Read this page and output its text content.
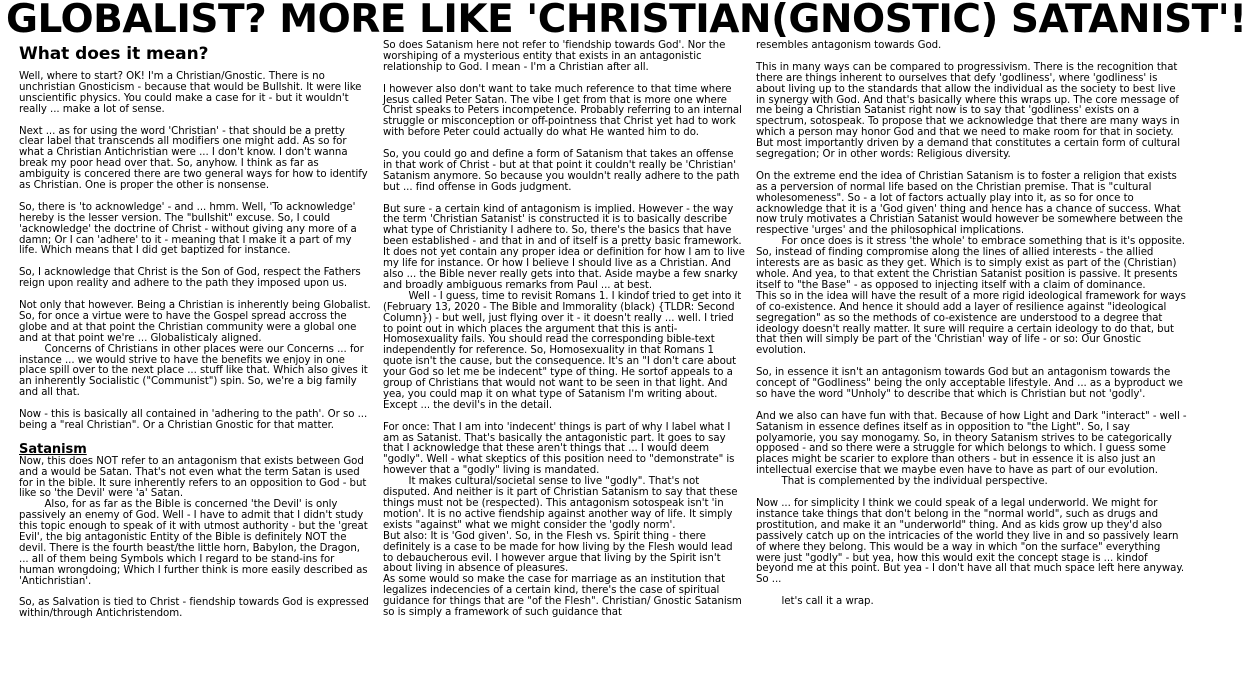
GLOBALIST? MORE LIKE 'CHRISTIAN(GNOSTIC) SATANIST'!
What does it mean?

Well, where to start? OK! I'm a Christian/Gnostic. There is no unchristian Gnosticism - because that would be Bullshit. It were like unscientific physics. You could make a case for it - but it wouldn't really ... make a lot of sense.

Next ... as for using the word 'Christian' - that should be a pretty clear label that transcends all modifiers one might add. As so for what a Christian Antichristian were ... I don't know. I don't wanna break my poor head over that. So, anyhow. I think as far as ambiguity is concered there are two general ways for how to identify as Christian. One is proper the other is nonsense.

So, there is 'to acknowledge' - and ... hmm. Well, 'To acknowledge' hereby is the lesser version. The "bullshit" excuse. So, I could 'acknowledge' the doctrine of Christ - without giving any more of a damn; Or I can 'adhere' to it - meaning that I make it a part of my life. Which means that I did get baptized for instance.

So, I acknowledge that Christ is the Son of God, respect the Fathers reign upon reality and adhere to the path they imposed upon us.

Not only that however. Being a Christian is inherently being Globalist. So, for once a virtue were to have the Gospel spread accross the globe and at that point the Christian community were a global one and at that point we're ... Globalisticaly aligned.

Concerns of Christians in other places were our Concerns ... for instance ... we would strive to have the benefits we enjoy in one place spill over to the next place ... stuff like that. Which also gives it an inherently Socialistic ("Communist") spin. So, we're a big family and all that.

Now - this is basically all contained in 'adhering to the path'. Or so ... being a "real Christian". Or a Christian Gnostic for that matter.

Satanism

Now, this does NOT refer to an antagonism that exists between God and a would be Satan. That's not even what the term Satan is used for in the bible. It sure inherently refers to an opposition to God - but like so 'the Devil' were 'a' Satan.

Also, for as far as the Bible is concerned 'the Devil' is only passively an enemy of God. Well - I have to admit that I didn't study this topic enough to speak of it with utmost authority - but the 'great Evil', the big antagonistic Entity of the Bible is definitely NOT the devil. There is the fourth beast/the little horn, Babylon, the Dragon, ... all of them being Symbols which I regard to be stand-ins for human wrongdoing; Which I further think is more easily described as 'Antichristian'.

So, as Salvation is tied to Christ - fiendship towards God is expressed within/through Antichristendom.

So does Satanism here not refer to 'fiendship towards God'. Nor the worshiping of a mysterious entity that exists in an antagonistic relationship to God. I mean - I'm a Christian after all.

I however also don't want to take much reference to that time where Jesus called Peter Satan. The vibe I get from that is more one where Christ speaks to Peters incompetence. Probably referring to an internal struggle or misconception or off-pointness that Christ yet had to work with before Peter could actually do what He wanted him to do.

So, you could go and define a form of Satanism that takes an offense in that work of Christ - but at that point it couldn't really be 'Christian' Satanism anymore. So because you wouldn't really adhere to the path but ... find offense in Gods judgment.

But sure - a certain kind of antagonism is implied. However - the way the term 'Christian Satanist' is constructed it is to basically describe what type of Christianity I adhere to. So, there's the basics that have been established - and that in and of itself is a pretty basic framework. It does not yet contain any proper idea or definition for how I am to live my life for instance. Or how I believe I should live as a Christian. And also ... the Bible never really gets into that. Aside maybe a few snarky and broadly ambiguous remarks from Paul ... at best.

Well - I guess, time to revisit Romans 1. I kindof tried to get into it (February 13, 2020 - The Bible and Immorality (black) {TLDR: Second Column}) - but well, just flying over it - it doesn't really ... well. I tried to point out in which places the argument that this is anti-Homosexuality fails. You should read the corresponding bible-text independently for reference. So, Homosexuality in that Romans 1 quote isn't the cause, but the consequence. It's an "I don't care about your God so let me be indecent" type of thing. He sortof appeals to a group of Christians that would not want to be seen in that light. And yea, you could map it on what type of Satanism I'm writing about. Except ... the devil's in the detail.

For once: That I am into 'indecent' things is part of why I label what I am as Satanist. That's basically the antagonistic part. It goes to say that I acknowledge that these aren't things that ... I would deem "godly". Well - what skeptics of this position need to "demonstrate" is however that a "godly" living is mandated.

It makes cultural/societal sense to live "godly". That's not disputed. And neither is it part of Christian Satanism to say that these things must not be (respected). This antagonism sotospeak isn't 'in motion'. It is no active fiendship against another way of life. It simply exists "against" what we might consider the 'godly norm'.

But also: It is 'God given'. So, in the Flesh vs. Spirit thing - there definitely is a case to be made for how living by the Flesh would lead to debaucherous evil. I however argue that living by the Spirit isn't about living in absence of pleasures.

As some would so make the case for marriage as an institution that legalizes indecencies of a certain kind, there's the case of spiritual guidance for things that are "of the Flesh". Christian/ Gnostic Satanism so is simply a framework of such guidance that

resembles antagonism towards God.

This in many ways can be compared to progressivism. There is the recognition that there are things inherent to ourselves that defy 'godliness', where 'godliness' is about living up to the standards that allow the individual as the society to best live in synergy with God. And that's basically where this wraps up. The core message of me being a Christian Satanist right now is to say that 'godliness' exists on a spectrum, sotospeak. To propose that we acknowledge that there are many ways in which a person may honor God and that we need to make room for that in society. But most importantly driven by a demand that constitutes a certain form of cultural segregation; Or in other words: Religious diversity.

On the extreme end the idea of Christian Satanism is to foster a religion that exists as a perversion of normal life based on the Christian premise. That is "cultural wholesomeness". So - a lot of factors actually play into it, as so for once to acknowledge that it is a 'God given' thing and hence has a chance of success. What now truly motivates a Christian Satanist would however be somewhere between the respective 'urges' and the philosophical implications.

For once does is it stress 'the whole' to embrace something that is it's opposite. So, instead of finding compromise along the lines of allied interests - the allied interests are as basic as they get. Which is to simply exist as part of the (Christian) whole. And yea, to that extent the Christian Satanist position is passive. It presents itself to "the Base" - as opposed to injecting itself with a claim of dominance.

This so in the idea will have the result of a more rigid ideological framework for ways of co-existence. And hence it should add a layer of resilience against "ideological segregation" as so the methods of co-existence are understood to a degree that ideology doesn't really matter. It sure will require a certain ideology to do that, but that then will simply be part of the 'Christian' way of life - or so: Our Gnostic evolution.

So, in essence it isn't an antagonism towards God but an antagonism towards the concept of "Godliness" being the only acceptable lifestyle. And ... as a byproduct we so have the word "Unholy" to describe that which is Christian but not 'godly'.

And we also can have fun with that. Because of how Light and Dark "interact" - well - Satanism in essence defines itself as in opposition to "the Light". So, I say polyamorie, you say monogamy. So, in theory Satanism strives to be categorically opposed - and so there were a struggle for which belongs to which. I guess some places might be scarier to explore than others - but in essence it is also just an intellectual exercise that we maybe even have to have as part of our evolution.

That is complemented by the individual perspective.

Now ... for simplicity I think we could speak of a legal underworld. We might for instance take things that don't belong in the "normal world", such as drugs and prostitution, and make it an "underworld" thing. And as kids grow up they'd also passively catch up on the intricacies of the world they live in and so passively learn of where they belong. This would be a way in which "on the surface" everything were just "godly" - but yea, how this would exit the concept stage is ... kindof beyond me at this point. But yea - I don't have all that much space left here anyway. So ...

let's call it a wrap.
